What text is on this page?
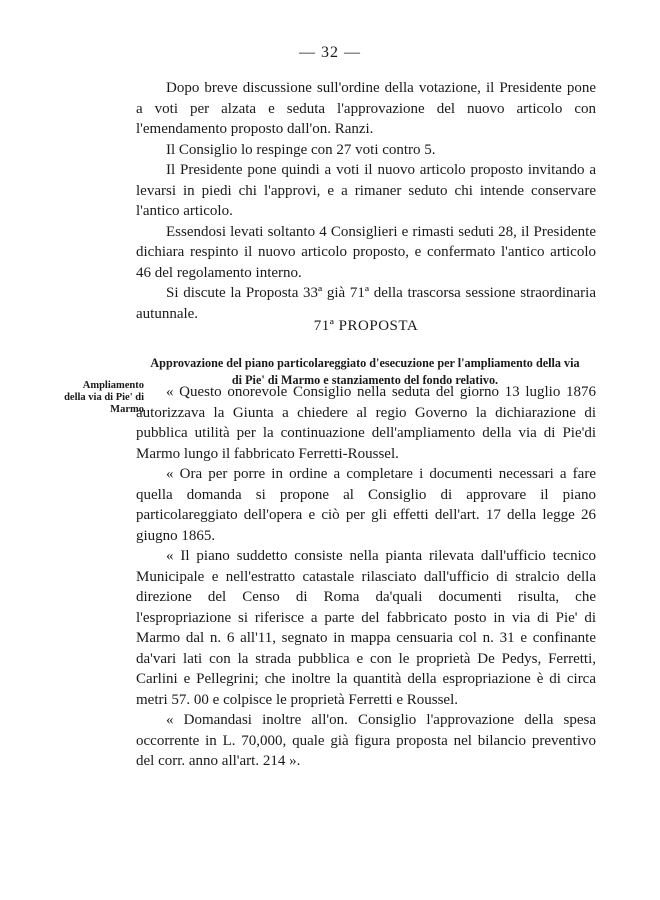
— 32 —

Dopo breve discussione sull'ordine della votazione, il Presidente pone a voti per alzata e seduta l'approvazione del nuovo articolo con l'emendamento proposto dall'on. Ranzi.

Il Consiglio lo respinge con 27 voti contro 5.

Il Presidente pone quindi a voti il nuovo articolo proposto invitando a levarsi in piedi chi l'approvi, e a rimaner seduto chi intende conservare l'antico articolo.

Essendosi levati soltanto 4 Consiglieri e rimasti seduti 28, il Presidente dichiara respinto il nuovo articolo proposto, e confermato l'antico articolo 46 del regolamento interno.

Si discute la Proposta 33ª già 71ª della trascorsa sessione straordinaria autunnale.

71ª PROPOSTA
Approvazione del piano particolareggiato d'esecuzione per l'ampliamento della via di Pie' di Marmo e stanziamento del fondo relativo.
Ampliamento della via di Pie' di Marmo

« Questo onorevole Consiglio nella seduta del giorno 13 luglio 1876 autorizzava la Giunta a chiedere al regio Governo la dichiarazione di pubblica utilità per la continuazione dell'ampliamento della via di Pie'di Marmo lungo il fabbricato Ferretti-Roussel.

« Ora per porre in ordine a completare i documenti necessari a fare quella domanda si propone al Consiglio di approvare il piano particolareggiato dell'opera e ciò per gli effetti dell'art. 17 della legge 26 giugno 1865.

« Il piano suddetto consiste nella pianta rilevata dall'ufficio tecnico Municipale e nell'estratto catastale rilasciato dall'ufficio di stralcio della direzione del Censo di Roma da'quali documenti risulta, che l'espropriazione si riferisce a parte del fabbricato posto in via di Pie' di Marmo dal n. 6 all'11, segnato in mappa censuaria col n. 31 e confinante da'vari lati con la strada pubblica e con le proprietà De Pedys, Ferretti, Carlini e Pellegrini; che inoltre la quantità della espropriazione è di circa metri 57. 00 e colpisce le proprietà Ferretti e Roussel.

« Domandasi inoltre all'on. Consiglio l'approvazione della spesa occorrente in L. 70,000, quale già figura proposta nel bilancio preventivo del corr. anno all'art. 214 ».
